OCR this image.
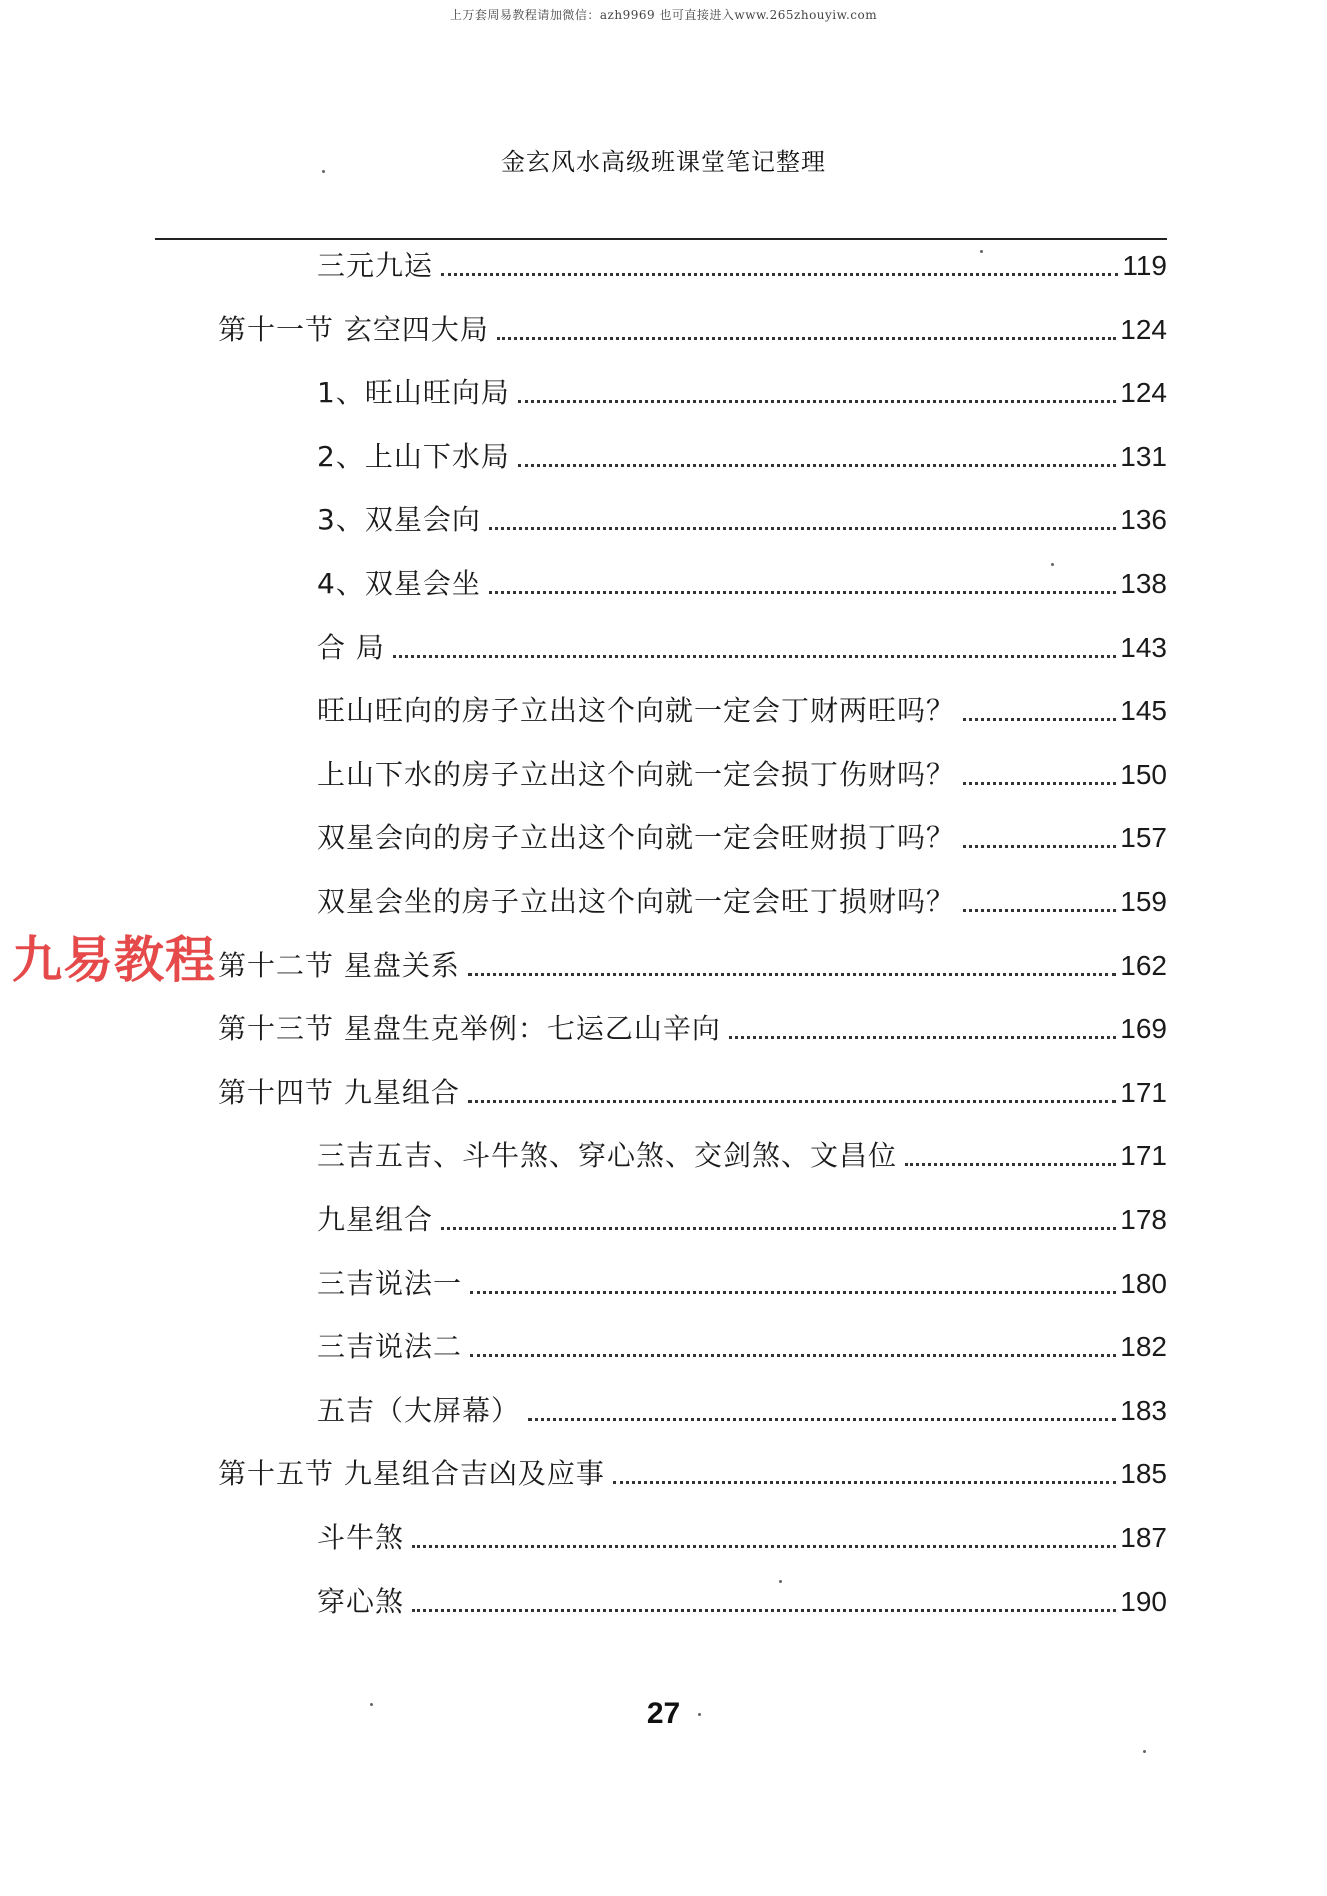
上万套周易教程请加微信：azh9969 也可直接进入www.265zhouyiw.com
金玄风水高级班课堂笔记整理
三元九运	119
第十一节 玄空四大局	124
1、旺山旺向局	124
2、上山下水局	131
3、双星会向	136
4、双星会坐	138
合 局	143
旺山旺向的房子立出这个向就一定会丁财两旺吗？	145
上山下水的房子立出这个向就一定会损丁伤财吗？	150
双星会向的房子立出这个向就一定会旺财损丁吗？	157
双星会坐的房子立出这个向就一定会旺丁损财吗？	159
第十二节 星盘关系	162
第十三节 星盘生克举例：七运乙山辛向	169
第十四节 九星组合	171
三吉五吉、斗牛煞、穿心煞、交剑煞、文昌位	171
九星组合	178
三吉说法一	180
三吉说法二	182
五吉（大屏幕）	183
第十五节 九星组合吉凶及应事	185
斗牛煞	187
穿心煞	190
九易教程
27
